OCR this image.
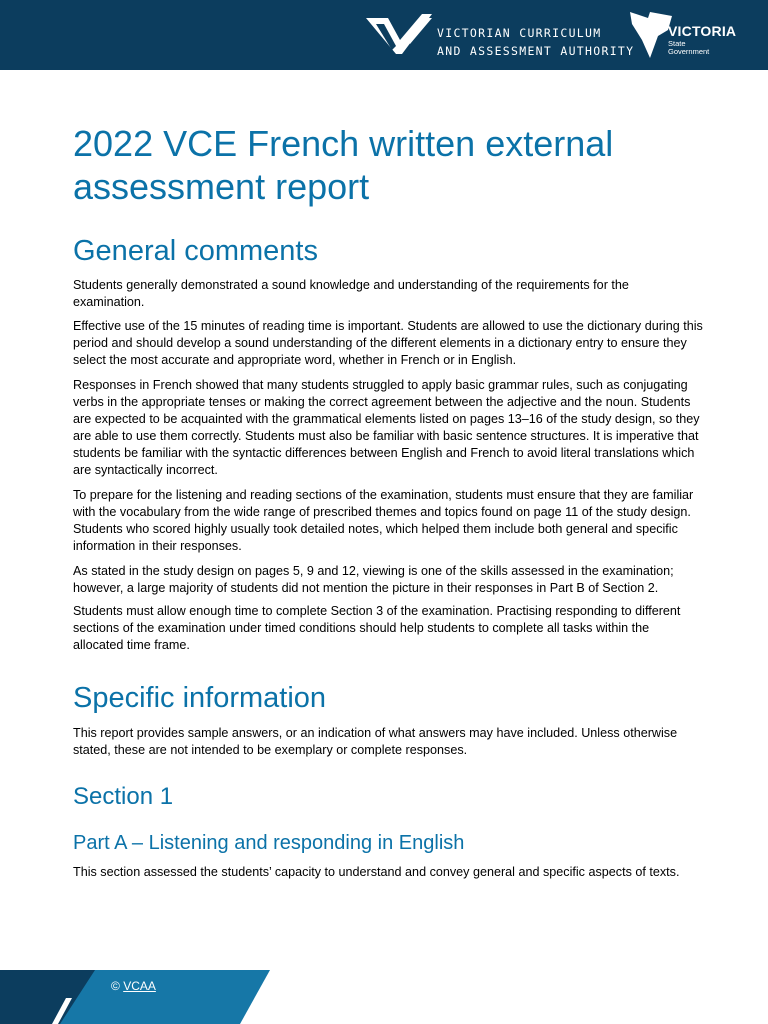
VICTORIAN CURRICULUM
AND ASSESSMENT AUTHORITY
VICTORIA
State
Government
2022 VCE French written external assessment report
General comments

Students generally demonstrated a sound knowledge and understanding of the requirements for the examination.

Effective use of the 15 minutes of reading time is important. Students are allowed to use the dictionary during this period and should develop a sound understanding of the different elements in a dictionary entry to ensure they select the most accurate and appropriate word, whether in French or in English.

Responses in French showed that many students struggled to apply basic grammar rules, such as conjugating verbs in the appropriate tenses or making the correct agreement between the adjective and the noun. Students are expected to be acquainted with the grammatical elements listed on pages 13–16 of the study design, so they are able to use them correctly. Students must also be familiar with basic sentence structures. It is imperative that students be familiar with the syntactic differences between English and French to avoid literal translations which are syntactically incorrect.

To prepare for the listening and reading sections of the examination, students must ensure that they are familiar with the vocabulary from the wide range of prescribed themes and topics found on page 11 of the study design. Students who scored highly usually took detailed notes, which helped them include both general and specific information in their responses.

As stated in the study design on pages 5, 9 and 12, viewing is one of the skills assessed in the examination; however, a large majority of students did not mention the picture in their responses in Part B of Section 2.

Students must allow enough time to complete Section 3 of the examination. Practising responding to different sections of the examination under timed conditions should help students to complete all tasks within the allocated time frame.

Specific information

This report provides sample answers, or an indication of what answers may have included. Unless otherwise stated, these are not intended to be exemplary or complete responses.

Section 1
Part A – Listening and responding in English

This section assessed the students’ capacity to understand and convey general and specific aspects of texts.

© VCAA
